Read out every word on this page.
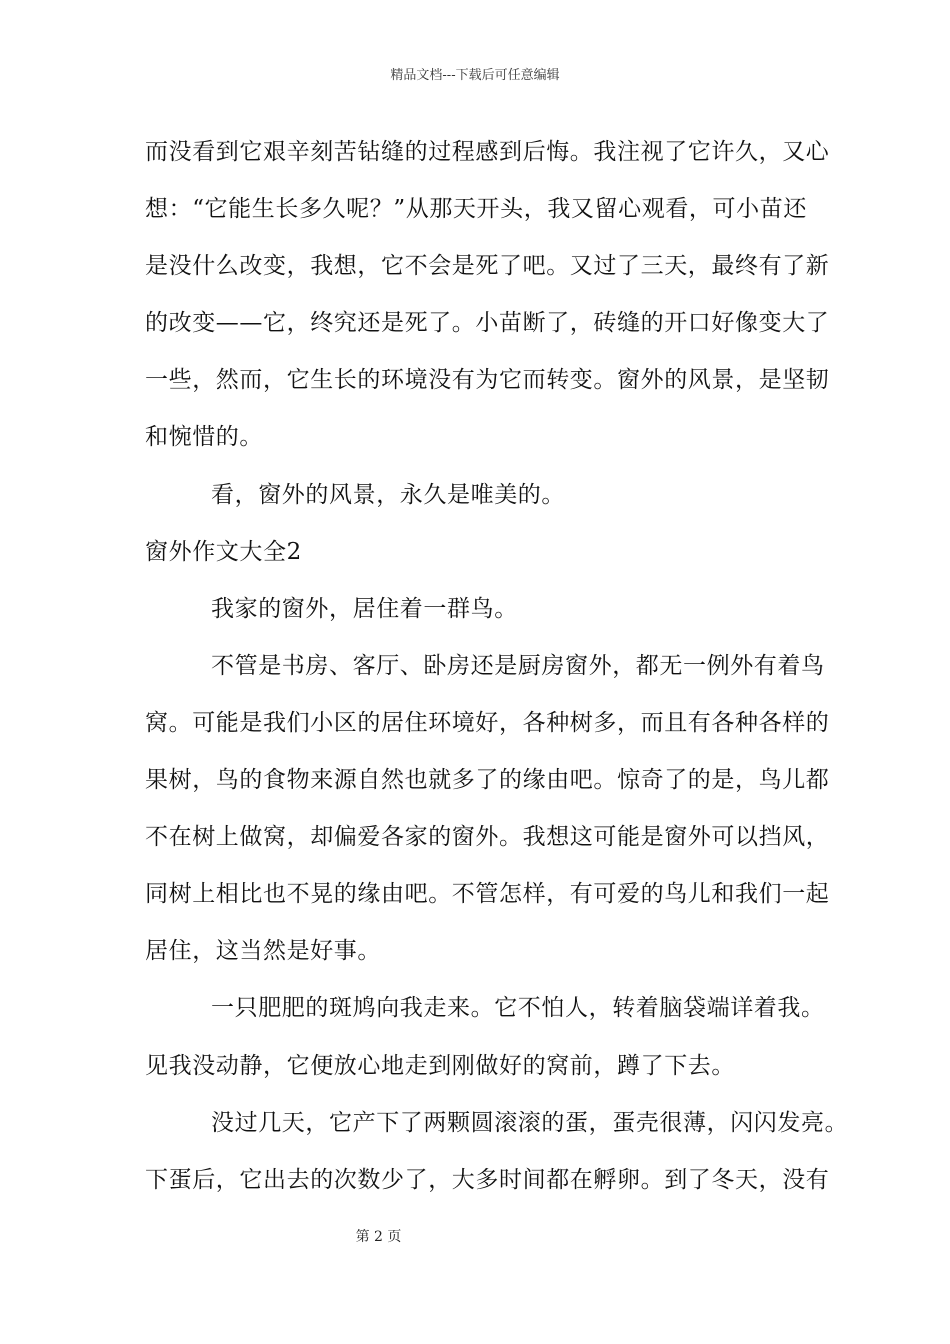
精品文档---下载后可任意编辑
而没看到它艰辛刻苦钻缝的过程感到后悔。我注视了它许久，又心
想：“它能生长多久呢？”从那天开头，我又留心观看，可小苗还
是没什么改变，我想，它不会是死了吧。又过了三天，最终有了新
的改变——它，终究还是死了。小苗断了，砖缝的开口好像变大了
一些，然而，它生长的环境没有为它而转变。窗外的风景，是坚韧
和惋惜的。
看，窗外的风景，永久是唯美的。
窗外作文大全2
我家的窗外，居住着一群鸟。
不管是书房、客厅、卧房还是厨房窗外，都无一例外有着鸟
窝。可能是我们小区的居住环境好，各种树多，而且有各种各样的
果树，鸟的食物来源自然也就多了的缘由吧。惊奇了的是，鸟儿都
不在树上做窝，却偏爱各家的窗外。我想这可能是窗外可以挡风，
同树上相比也不晃的缘由吧。不管怎样，有可爱的鸟儿和我们一起
居住，这当然是好事。
一只肥肥的斑鸠向我走来。它不怕人，转着脑袋端详着我。
见我没动静，它便放心地走到刚做好的窝前，蹲了下去。
没过几天，它产下了两颗圆滚滚的蛋，蛋壳很薄，闪闪发亮。
下蛋后，它出去的次数少了，大多时间都在孵卵。到了冬天，没有
第 2 页
